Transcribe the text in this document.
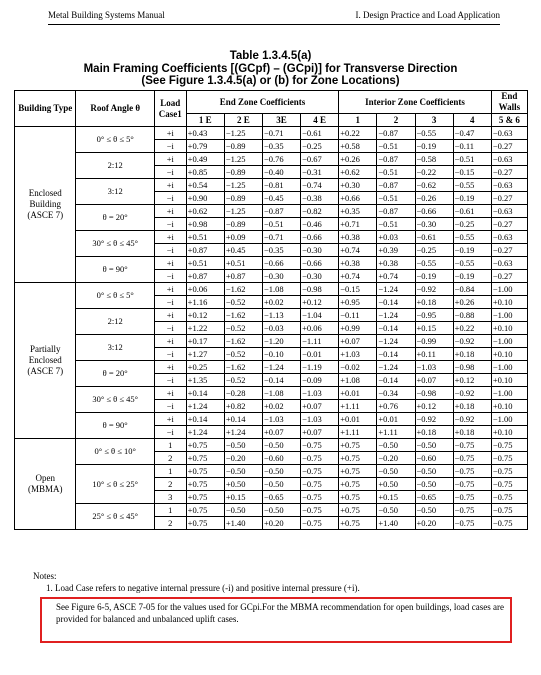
Metal Building Systems Manual	I. Design Practice and Load Application
Table 1.3.4.5(a)
Main Framing Coefficients [(GCpf) – (GCpi)] for Transverse Direction
(See Figure 1.3.4.5(a) or (b) for Zone Locations)
Building Type	Roof Angle θ	Load Case1	End Zone Coefficients				Interior Zone Coefficients				End Walls
			1 E	2 E	3E	4 E	1	2	3	4	5 & 6

Enclosed
Building
(ASCE 7)	0° ≤ θ ≤ 5°	+i	+0.43	−1.25	−0.71	−0.61	+0.22	−0.87	−0.55	−0.47	−0.63
		−i	+0.79	−0.89	−0.35	−0.25	+0.58	−0.51	−0.19	−0.11	−0.27
	2:12	+i	+0.49	−1.25	−0.76	−0.67	+0.26	−0.87	−0.58	−0.51	−0.63
		−i	+0.85	−0.89	−0.40	−0.31	+0.62	−0.51	−0.22	−0.15	−0.27
	3:12	+i	+0.54	−1.25	−0.81	−0.74	+0.30	−0.87	−0.62	−0.55	−0.63
		−i	+0.90	−0.89	−0.45	−0.38	+0.66	−0.51	−0.26	−0.19	−0.27
	θ = 20°	+i	+0.62	−1.25	−0.87	−0.82	+0.35	−0.87	−0.66	−0.61	−0.63
		−i	+0.98	−0.89	−0.51	−0.46	+0.71	−0.51	−0.30	−0.25	−0.27
	30° ≤ θ ≤ 45°	+i	+0.51	+0.09	−0.71	−0.66	+0.38	+0.03	−0.61	−0.55	−0.63
		−i	+0.87	+0.45	−0.35	−0.30	+0.74	+0.39	−0.25	−0.19	−0.27
	θ = 90°	+i	+0.51	+0.51	−0.66	−0.66	+0.38	+0.38	−0.55	−0.55	−0.63
		−i	+0.87	+0.87	−0.30	−0.30	+0.74	+0.74	−0.19	−0.19	−0.27

Partially
Enclosed
(ASCE 7)	0° ≤ θ ≤ 5°	+i	+0.06	−1.62	−1.08	−0.98	−0.15	−1.24	−0.92	−0.84	−1.00
		−i	+1.16	−0.52	+0.02	+0.12	+0.95	−0.14	+0.18	+0.26	+0.10
	2:12	+i	+0.12	−1.62	−1.13	−1.04	−0.11	−1.24	−0.95	−0.88	−1.00
		−i	+1.22	−0.52	−0.03	+0.06	+0.99	−0.14	+0.15	+0.22	+0.10
	3:12	+i	+0.17	−1.62	−1.20	−1.11	+0.07	−1.24	−0.99	−0.92	−1.00
		−i	+1.27	−0.52	−0.10	−0.01	+1.03	−0.14	+0.11	+0.18	+0.10
	θ = 20°	+i	+0.25	−1.62	−1.24	−1.19	−0.02	−1.24	−1.03	−0.98	−1.00
		−i	+1.35	−0.52	−0.14	−0.09	+1.08	−0.14	+0.07	+0.12	+0.10
	30° ≤ θ ≤ 45°	+i	+0.14	−0.28	−1.08	−1.03	+0.01	−0.34	−0.98	−0.92	−1.00
		−i	+1.24	+0.82	+0.02	+0.07	+1.11	+0.76	+0.12	+0.18	+0.10
	θ = 90°	+i	+0.14	+0.14	−1.03	−1.03	+0.01	+0.01	−0.92	−0.92	−1.00
		−i	+1.24	+1.24	+0.07	+0.07	+1.11	+1.11	+0.18	+0.18	+0.10

Open
(MBMA)	0° ≤ θ ≤ 10°	1	+0.75	−0.50	−0.50	−0.75	+0.75	−0.50	−0.50	−0.75	−0.75
		2	+0.75	−0.20	−0.60	−0.75	+0.75	−0.20	−0.60	−0.75	−0.75
	10° ≤ θ ≤ 25°	1	+0.75	−0.50	−0.50	−0.75	+0.75	−0.50	−0.50	−0.75	−0.75
		2	+0.75	+0.50	−0.50	−0.75	+0.75	+0.50	−0.50	−0.75	−0.75
		3	+0.75	+0.15	−0.65	−0.75	+0.75	+0.15	−0.65	−0.75	−0.75
	25° ≤ θ ≤ 45°	1	+0.75	−0.50	−0.50	−0.75	+0.75	−0.50	−0.50	−0.75	−0.75
		2	+0.75	+1.40	+0.20	−0.75	+0.75	+1.40	+0.20	−0.75	−0.75
Notes:
1. Load Case refers to negative internal pressure (-i) and positive internal pressure (+i).
See Figure 6-5, ASCE 7-05 for the values used for GCpi.For the MBMA recommendation for open buildings, load cases are provided for balanced and unbalanced uplift cases.
